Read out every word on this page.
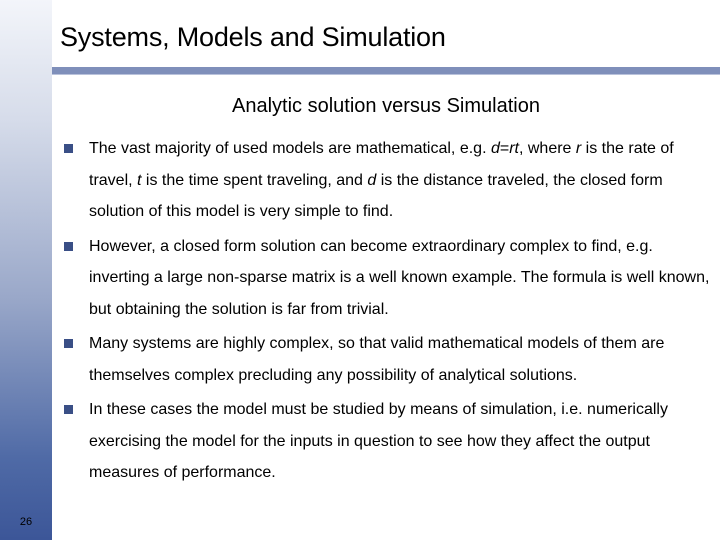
Systems, Models and Simulation
Analytic solution versus Simulation
The vast majority of used models are mathematical, e.g. d=rt, where r is the rate of travel, t is the time spent traveling, and d is the distance traveled, the closed form solution of this model is very simple to find.
However, a closed form solution can become extraordinary complex to find, e.g. inverting a large non-sparse matrix is a well known example. The formula is well known, but obtaining the solution is far from trivial.
Many systems are highly complex, so that valid mathematical models of them are themselves complex precluding any possibility of analytical solutions.
In these cases the model must be studied by means of simulation, i.e. numerically exercising the model for the inputs in question to see how they affect the output measures of performance.
26
